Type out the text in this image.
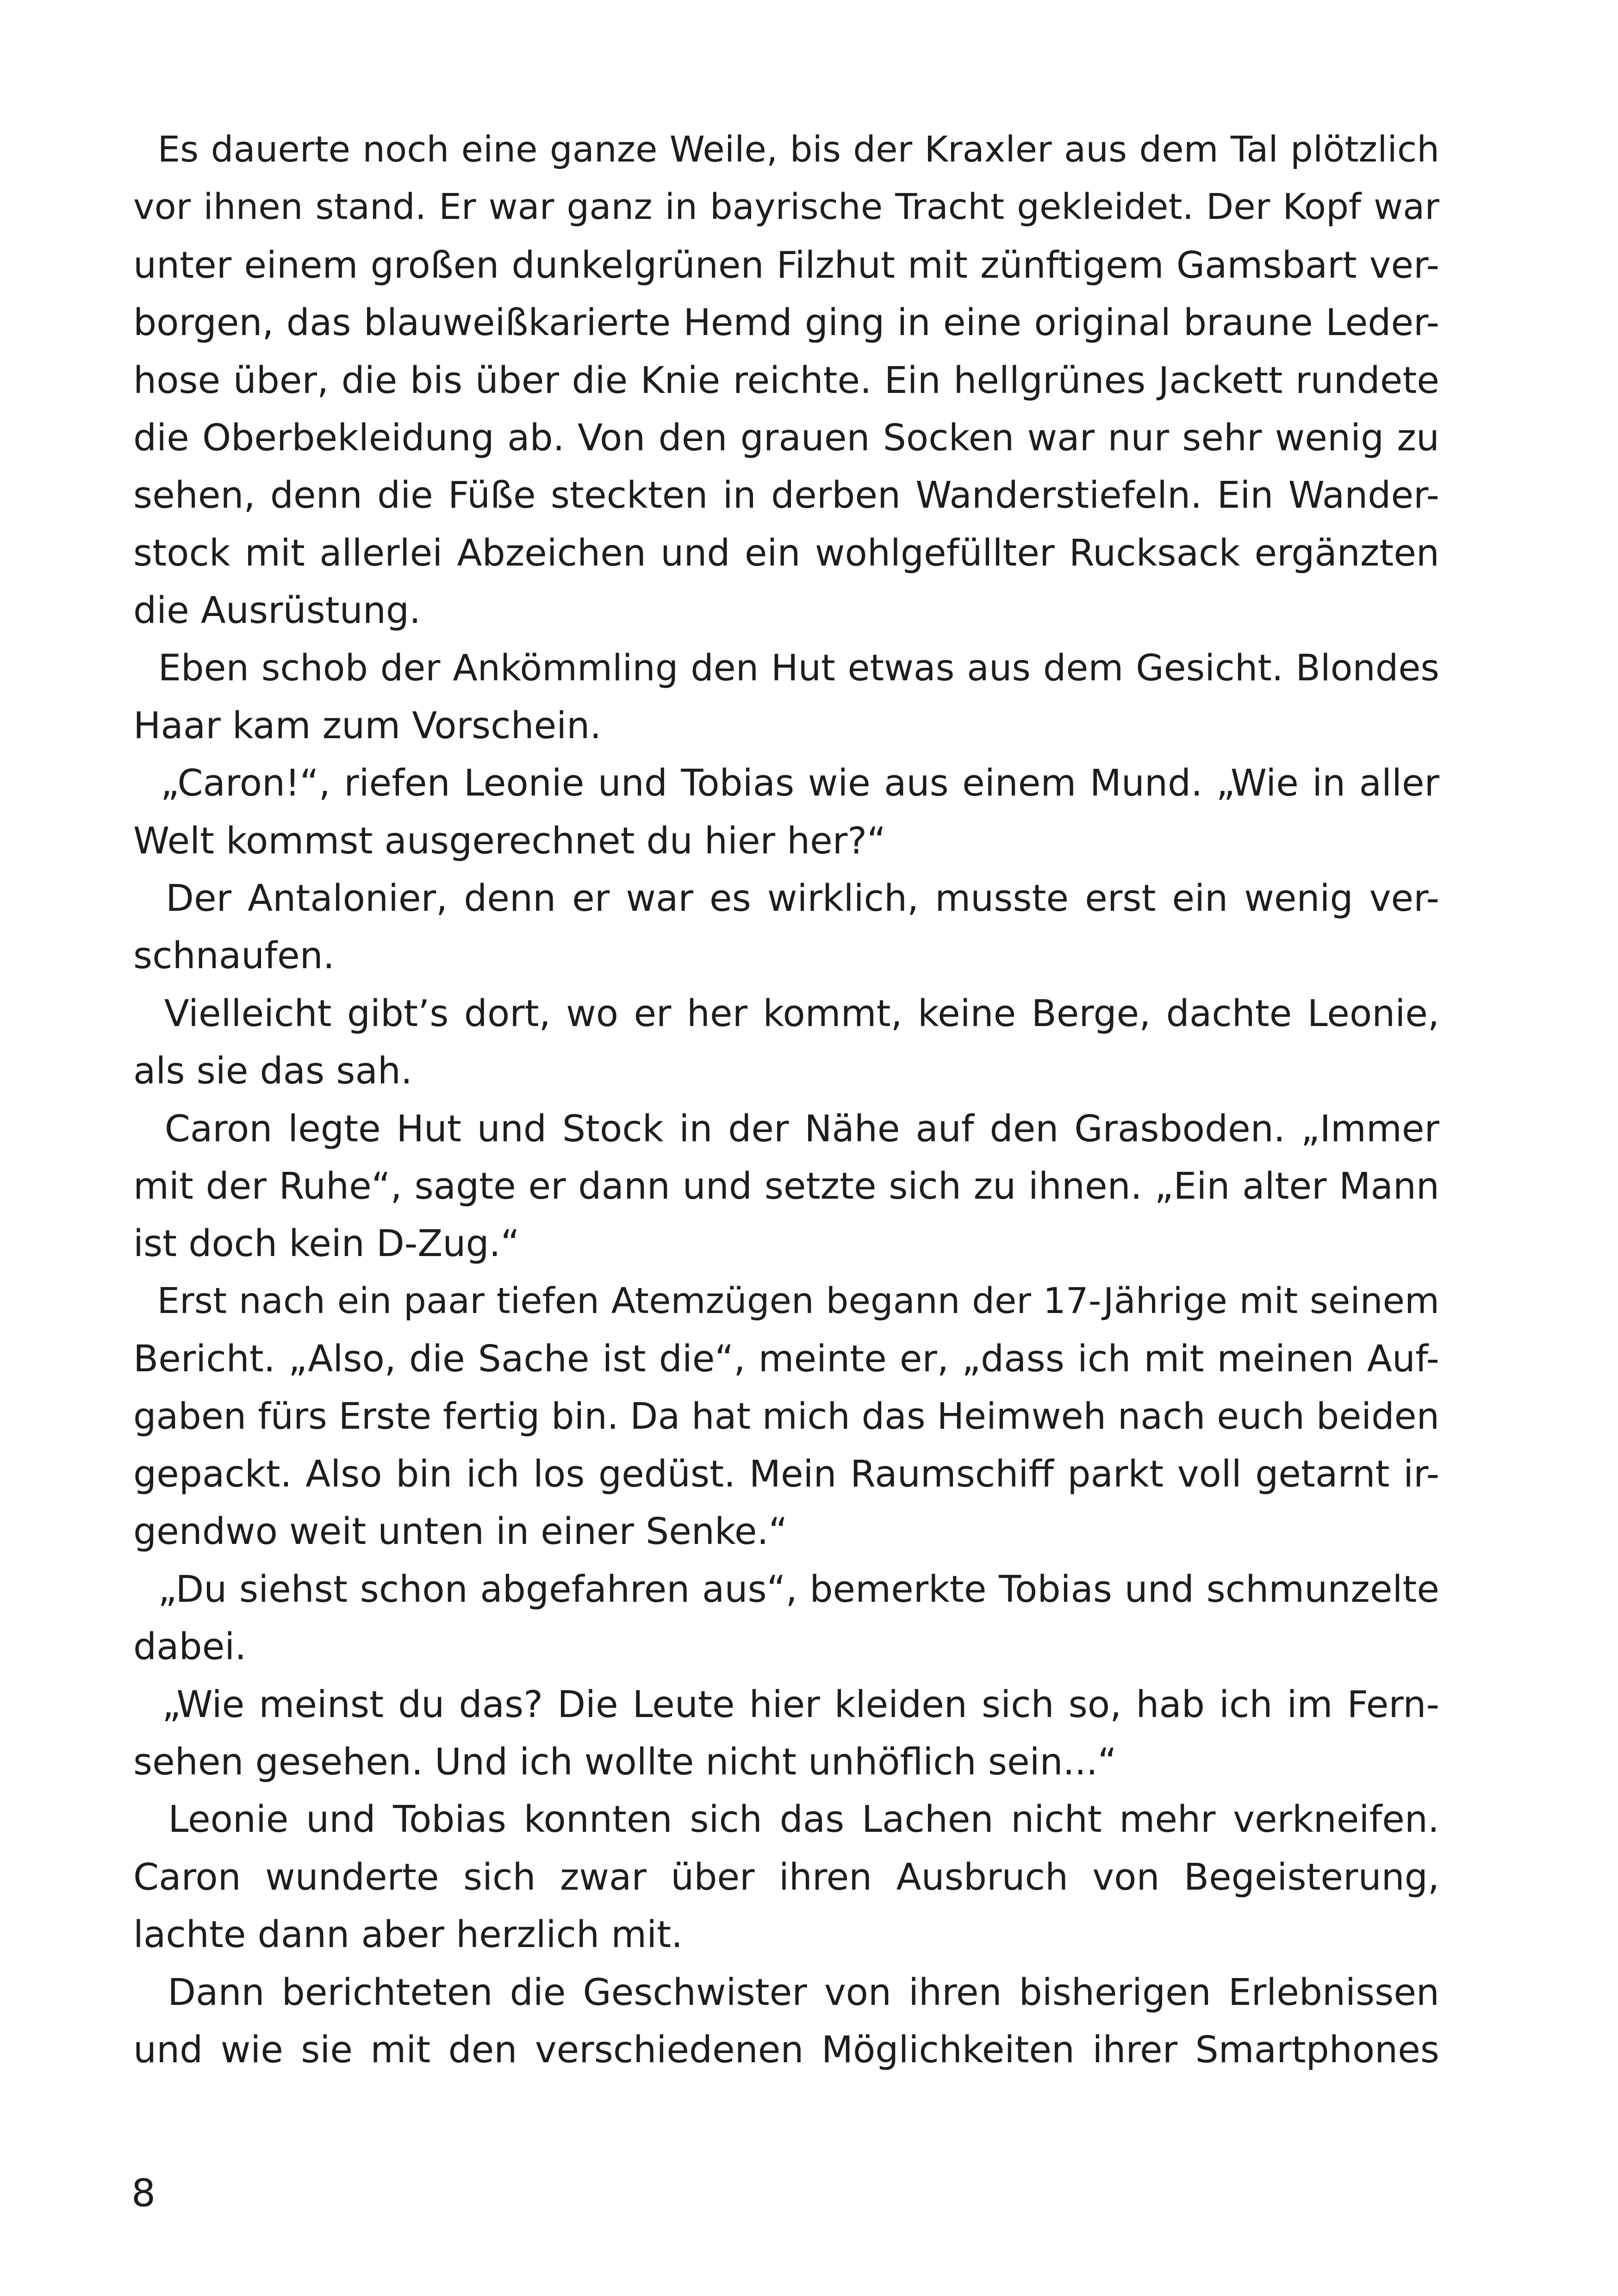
Es dauerte noch eine ganze Weile, bis der Kraxler aus dem Tal plötzlich
vor ihnen stand. Er war ganz in bayrische Tracht gekleidet. Der Kopf war
unter einem großen dunkelgrünen Filzhut mit zünftigem Gamsbart ver-
borgen, das blauweißkarierte Hemd ging in eine original braune Leder-
hose über, die bis über die Knie reichte. Ein hellgrünes Jackett rundete
die Oberbekleidung ab. Von den grauen Socken war nur sehr wenig zu
sehen, denn die Füße steckten in derben Wanderstiefeln. Ein Wander-
stock mit allerlei Abzeichen und ein wohlgefüllter Rucksack ergänzten
die Ausrüstung.
Eben schob der Ankömmling den Hut etwas aus dem Gesicht. Blondes
Haar kam zum Vorschein.
„Caron!“, riefen Leonie und Tobias wie aus einem Mund. „Wie in aller
Welt kommst ausgerechnet du hier her?“
Der Antalonier, denn er war es wirklich, musste erst ein wenig ver-
schnaufen.
Vielleicht gibt’s dort, wo er her kommt, keine Berge, dachte Leonie,
als sie das sah.
Caron legte Hut und Stock in der Nähe auf den Grasboden. „Immer
mit der Ruhe“, sagte er dann und setzte sich zu ihnen. „Ein alter Mann
ist doch kein D-Zug.“
Erst nach ein paar tiefen Atemzügen begann der 17-Jährige mit seinem
Bericht. „Also, die Sache ist die“, meinte er, „dass ich mit meinen Auf-
gaben fürs Erste fertig bin. Da hat mich das Heimweh nach euch beiden
gepackt. Also bin ich los gedüst. Mein Raumschiff parkt voll getarnt ir-
gendwo weit unten in einer Senke.“
„Du siehst schon abgefahren aus“, bemerkte Tobias und schmunzelte
dabei.
„Wie meinst du das? Die Leute hier kleiden sich so, hab ich im Fern-
sehen gesehen. Und ich wollte nicht unhöflich sein...“
Leonie und Tobias konnten sich das Lachen nicht mehr verkneifen.
Caron wunderte sich zwar über ihren Ausbruch von Begeisterung,
lachte dann aber herzlich mit.
Dann berichteten die Geschwister von ihren bisherigen Erlebnissen
und wie sie mit den verschiedenen Möglichkeiten ihrer Smartphones
8
